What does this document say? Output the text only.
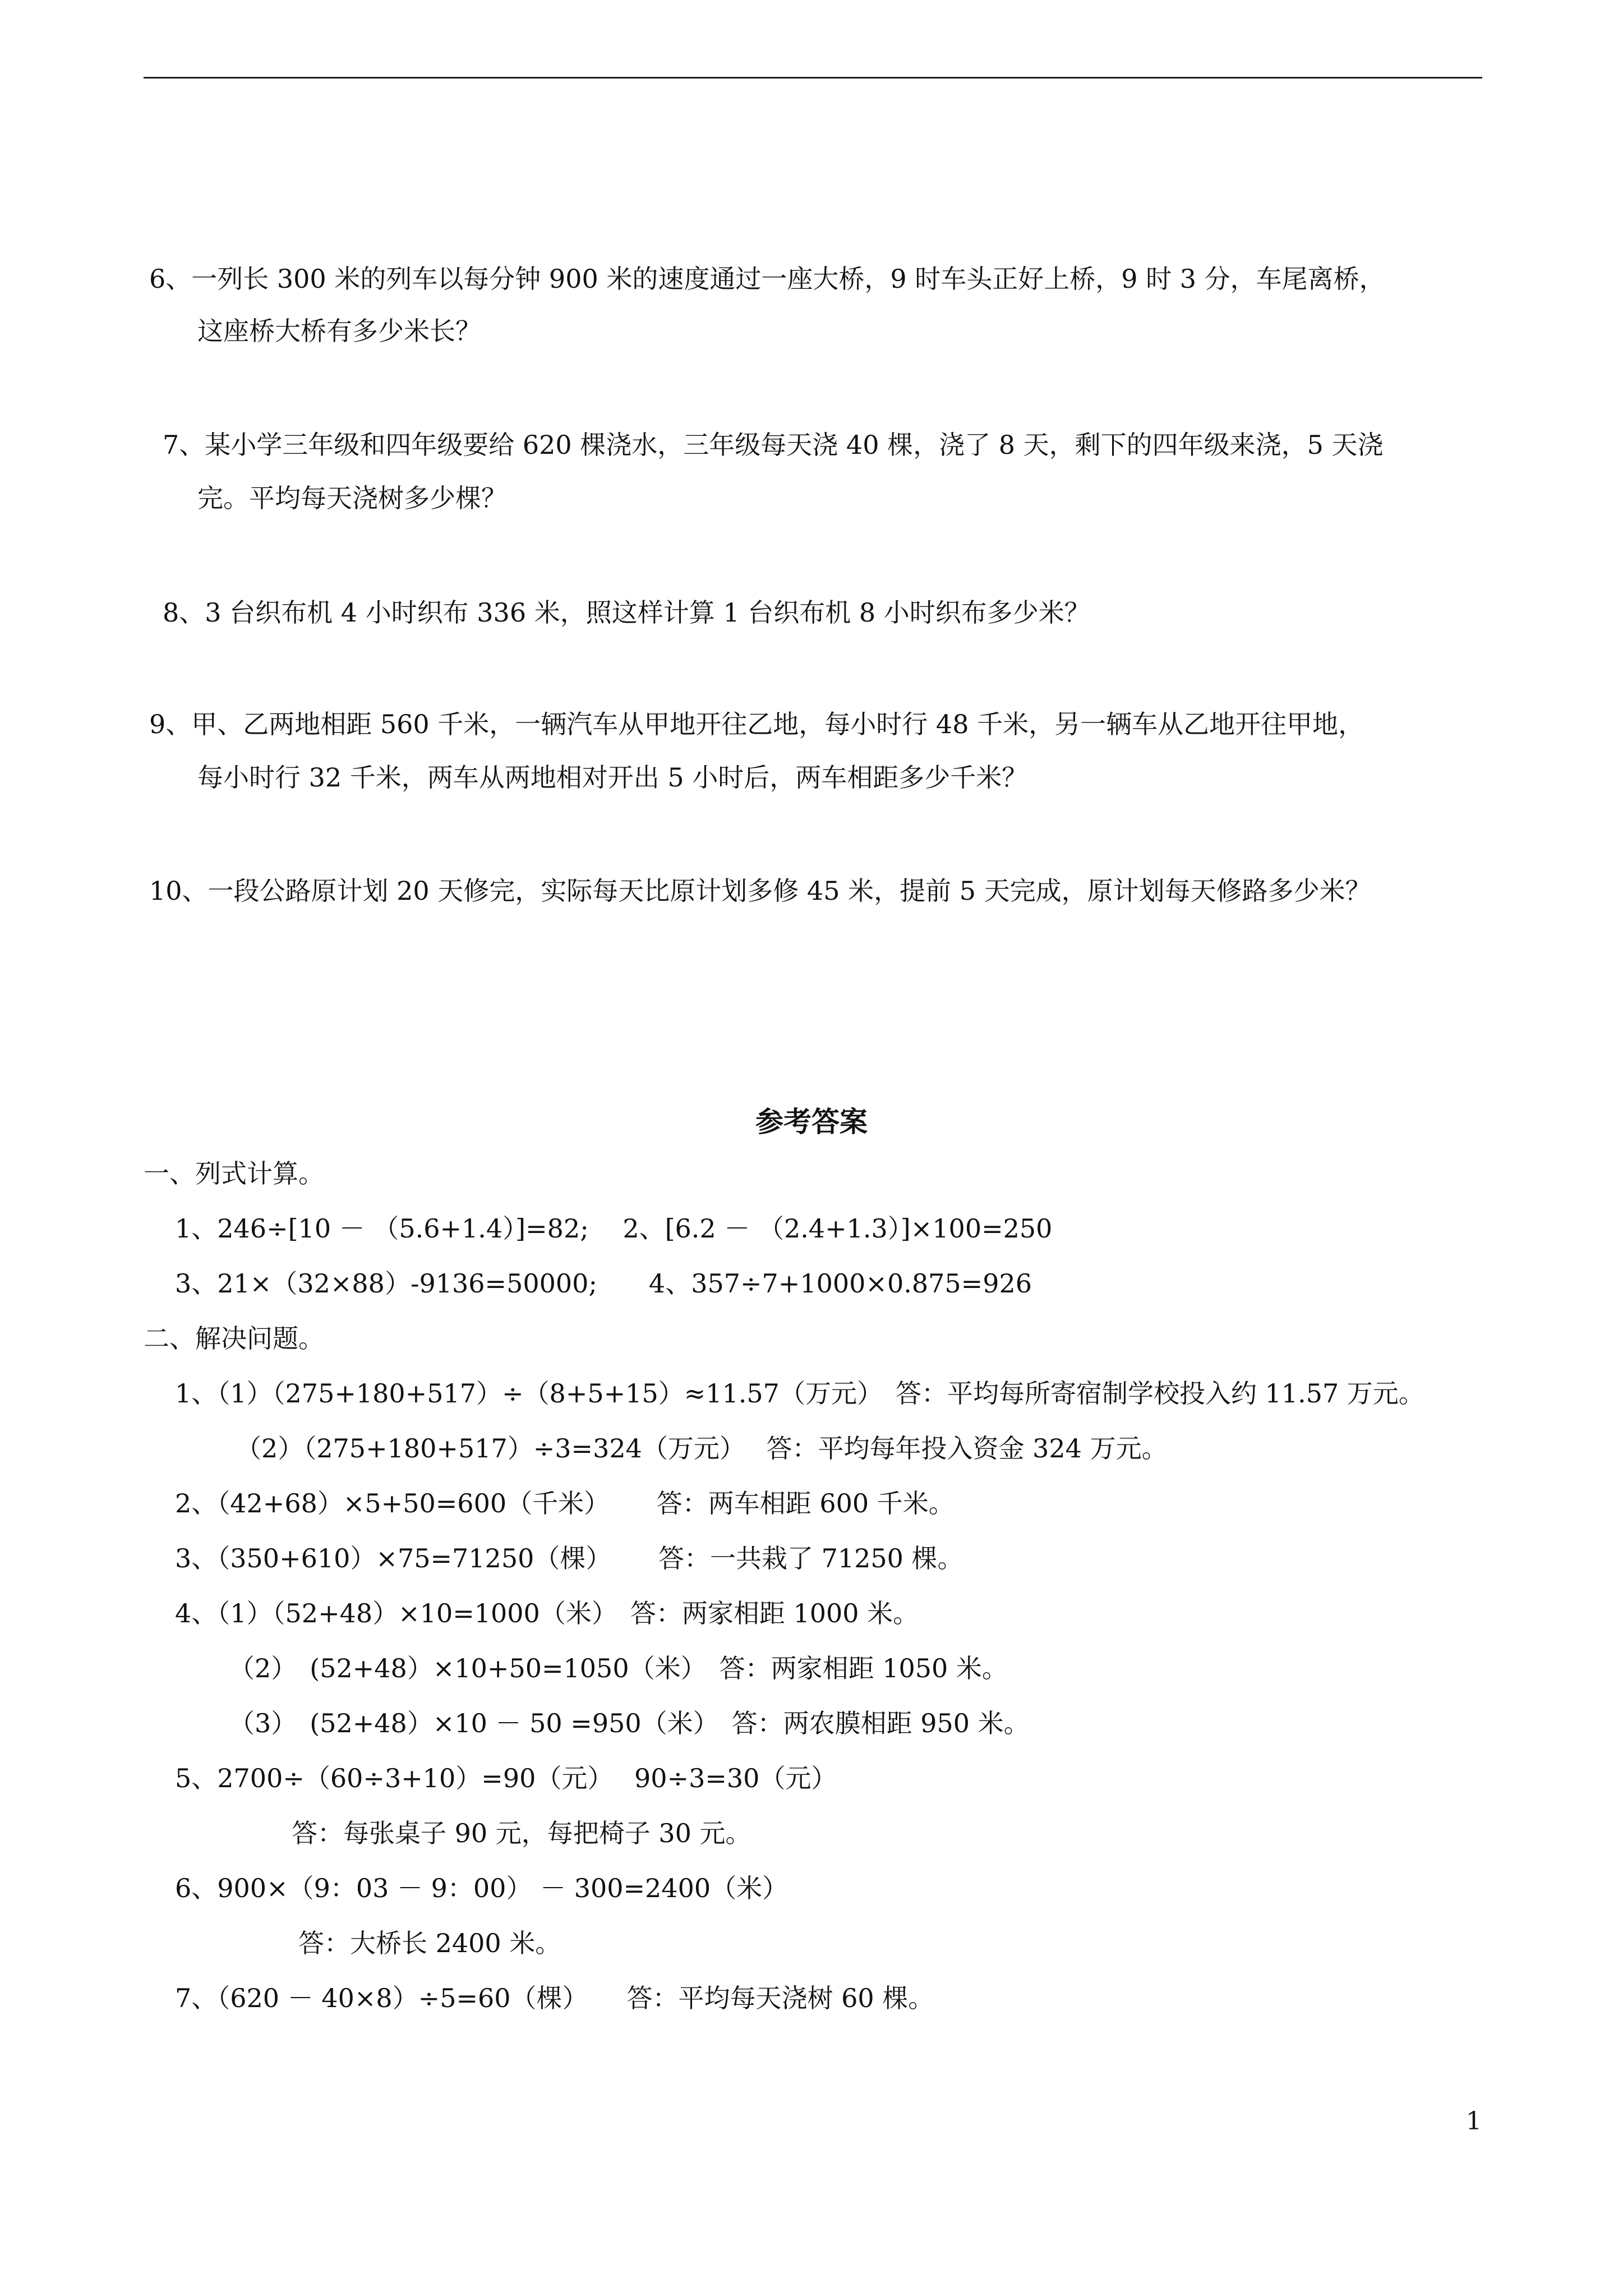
6、一列长 300 米的列车以每分钟 900 米的速度通过一座大桥，9 时车头正好上桥，9 时 3 分，车尾离桥，
这座桥大桥有多少米长？
7、某小学三年级和四年级要给 620 棵浇水，三年级每天浇 40 棵，浇了 8 天，剩下的四年级来浇，5 天浇
完。平均每天浇树多少棵？
8、3 台织布机 4 小时织布 336 米，照这样计算 1 台织布机 8 小时织布多少米？
9、甲、乙两地相距 560 千米，一辆汽车从甲地开往乙地，每小时行 48 千米，另一辆车从乙地开往甲地，
每小时行 32 千米，两车从两地相对开出 5 小时后，两车相距多少千米？
10、一段公路原计划 20 天修完，实际每天比原计划多修 45 米，提前 5 天完成，原计划每天修路多少米？
参考答案
一、列式计算。
1、246÷[10 － （5.6+1.4）]=82;　 2、[6.2 － （2.4+1.3）]×100=250
3、21×（32×88）-9136=50000;　　4、357÷7+1000×0.875=926
二、解决问题。
1、（1）（275+180+517）÷（8+5+15）≈11.57（万元）　答：平均每所寄宿制学校投入约 11.57 万元。
（2）（275+180+517）÷3=324（万元）　 答：平均每年投入资金 324 万元。
2、（42+68）×5+50=600（千米）　　 答：两车相距 600 千米。
3、（350+610）×75=71250（棵）　　 答：一共栽了 71250 棵。
4、（1）（52+48）×10=1000（米）　答：两家相距 1000 米。
（2）　(52+48）×10+50=1050（米）　答：两家相距 1050 米。
（3）　(52+48）×10 － 50 =950（米）　答：两农膜相距 950 米。
5、2700÷（60÷3+10）=90（元）　 90÷3=30（元）
答：每张桌子 90 元，每把椅子 30 元。
6、900×（9：03 － 9：00） － 300=2400（米）
答：大桥长 2400 米。
7、（620 － 40×8）÷5=60（棵）　　答：平均每天浇树 60 棵。
1
